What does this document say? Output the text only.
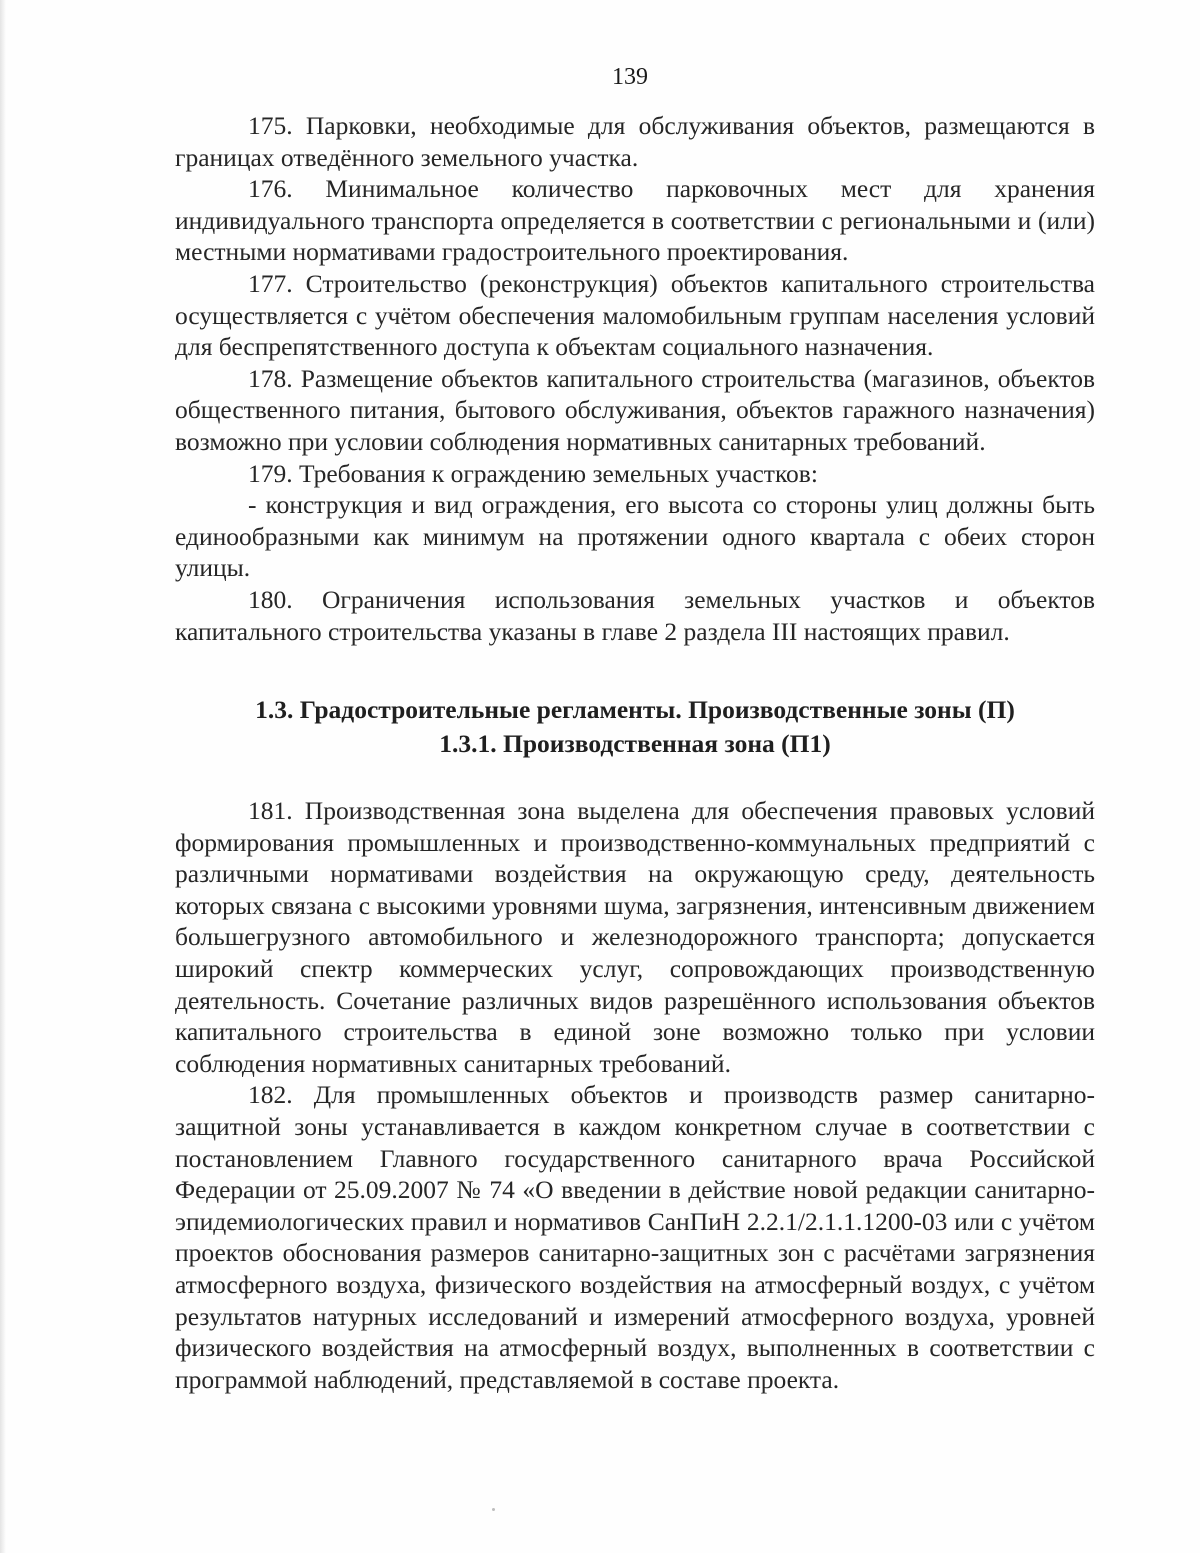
139

175. Парковки, необходимые для обслуживания объектов, размещаются в границах отведённого земельного участка.

176. Минимальное количество парковочных мест для хранения индивидуального транспорта определяется в соответствии с региональными и (или) местными нормативами градостроительного проектирования.

177. Строительство (реконструкция) объектов капитального строительства осуществляется с учётом обеспечения маломобильным группам населения условий для беспрепятственного доступа к объектам социального назначения.

178. Размещение объектов капитального строительства (магазинов, объектов общественного питания, бытового обслуживания, объектов гаражного назначения) возможно при условии соблюдения нормативных санитарных требований.

179. Требования к ограждению земельных участков:

- конструкция и вид ограждения, его высота со стороны улиц должны быть единообразными как минимум на протяжении одного квартала с обеих сторон улицы.

180. Ограничения использования земельных участков и объектов капитального строительства указаны в главе 2 раздела III настоящих правил.

1.3. Градостроительные регламенты. Производственные зоны (П)
1.3.1. Производственная зона (П1)

181. Производственная зона выделена для обеспечения правовых условий формирования промышленных и производственно-коммунальных предприятий с различными нормативами воздействия на окружающую среду, деятельность которых связана с высокими уровнями шума, загрязнения, интенсивным движением большегрузного автомобильного и железнодорожного транспорта; допускается широкий спектр коммерческих услуг, сопровождающих производственную деятельность. Сочетание различных видов разрешённого использования объектов капитального строительства в единой зоне возможно только при условии соблюдения нормативных санитарных требований.

182. Для промышленных объектов и производств размер санитарно-защитной зоны устанавливается в каждом конкретном случае в соответствии с постановлением Главного государственного санитарного врача Российской Федерации от 25.09.2007 № 74 «О введении в действие новой редакции санитарно-эпидемиологических правил и нормативов СанПиН 2.2.1/2.1.1.1200-03 или с учётом проектов обоснования размеров санитарно-защитных зон с расчётами загрязнения атмосферного воздуха, физического воздействия на атмосферный воздух, с учётом результатов натурных исследований и измерений атмосферного воздуха, уровней физического воздействия на атмосферный воздух, выполненных в соответствии с программой наблюдений, представляемой в составе проекта.
